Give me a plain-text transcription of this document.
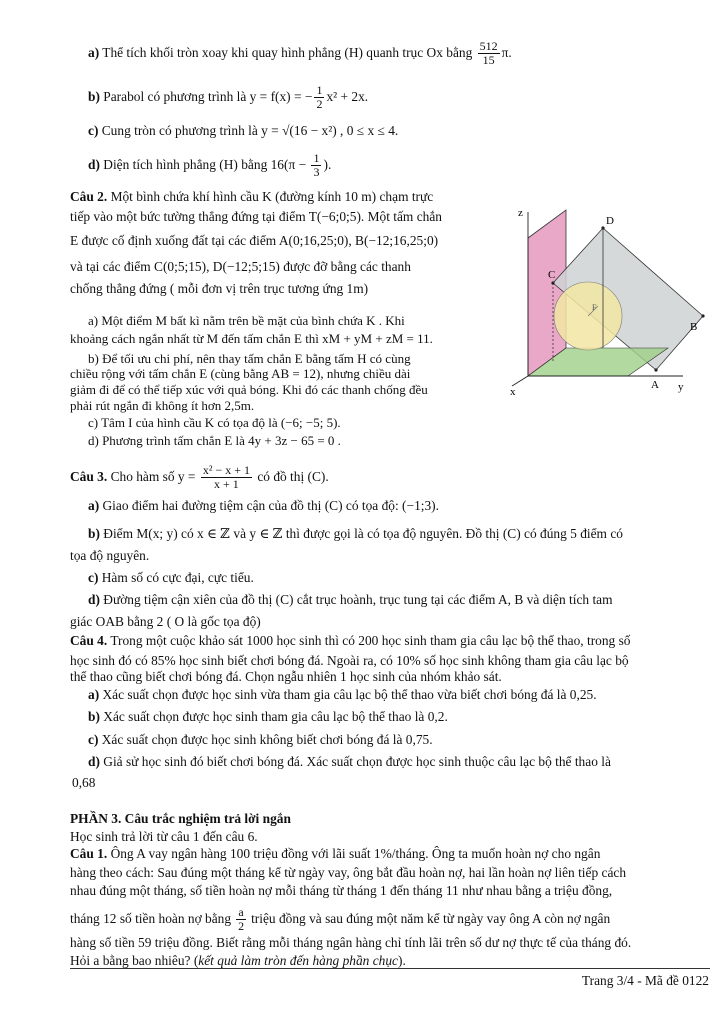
a) Thể tích khối tròn xoay khi quay hình phẳng (H) quanh trục Ox bằng $\frac{512}{15} \pi$.
b) Parabol có phương trình là y = f(x) = − $\frac{1}{2} x^2 + 2x$.
c) Cung tròn có phương trình là y = √(16 − x²) , 0 ≤ x ≤ 4.
d) Diện tích hình phẳng (H) bằng $16(\pi - \frac{1}{3}$ ).
Câu 2. Một bình chứa khí hình cầu K (đường kính 10 m) chạm trực
tiếp vào một bức tường thẳng đứng tại điểm T(−6;0;5). Một tấm chắn
E được cố định xuống đất tại các điểm A(0;16,25;0), B(−12;16,25;0)
và tại các điểm C(0;5;15), D(−12;5;15) được đỡ bằng các thanh
chống thẳng đứng ( mỗi đơn vị trên trục tương ứng 1m)
a) Một điểm M bất kì nằm trên bề mặt của bình chứa K . Khi
khoảng cách ngắn nhất từ M đến tấm chắn E thì xM + yM + zM = 11.
b) Để tối ưu chi phí, nên thay tấm chắn E bằng tấm H có cùng
chiều rộng với tấm chắn E (cùng bằng AB = 12), nhưng chiều dài
giảm đi để có thể tiếp xúc với quả bóng. Khi đó các thanh chống đều
phải rút ngắn đi không ít hơn 2,5m.
c) Tâm I của hình cầu K có tọa độ là (−6; −5; 5).
d) Phương trình tấm chắn E là 4y + 3z − 65 = 0 .
z
x	y
A
B
C
D
F
Câu 3. Cho hàm số $y = \frac{\text{x² − x + 1}}{x + 1}$ có đồ thị (C).
a) Giao điểm hai đường tiệm cận của đồ thị (C) có tọa độ: (−1;3).
b) Điểm M(x; y) có x ∈ ℤ và y ∈ ℤ thì được gọi là có tọa độ nguyên. Đồ thị (C) có đúng 5 điểm có
tọa độ nguyên.
c) Hàm số có cực đại, cực tiểu.
d) Đường tiệm cận xiên của đồ thị (C) cắt trục hoành, trục tung tại các điểm A, B và diện tích tam
giác OAB bằng 2 ( O là gốc tọa độ)
Câu 4. Trong một cuộc khảo sát 1000 học sinh thì có 200 học sinh tham gia câu lạc bộ thể thao, trong số
học sinh đó có 85% học sinh biết chơi bóng đá. Ngoài ra, có 10% số học sinh không tham gia câu lạc bộ
thể thao cũng biết chơi bóng đá. Chọn ngẫu nhiên 1 học sinh của nhóm khảo sát.
a) Xác suất chọn được học sinh vừa tham gia câu lạc bộ thể thao vừa biết chơi bóng đá là 0,25.
b) Xác suất chọn được học sinh tham gia câu lạc bộ thể thao là 0,2.
c) Xác suất chọn được học sinh không biết chơi bóng đá là 0,75.
d) Giả sử học sinh đó biết chơi bóng đá. Xác suất chọn được học sinh thuộc câu lạc bộ thể thao là
0,68
PHẦN 3. Câu trắc nghiệm trả lời ngắn
Học sinh trả lời từ câu 1 đến câu 6.
Câu 1. Ông A vay ngân hàng 100 triệu đồng với lãi suất 1%/tháng. Ông ta muốn hoàn nợ cho ngân
hàng theo cách: Sau đúng một tháng kể từ ngày vay, ông bắt đầu hoàn nợ, hai lần hoàn nợ liên tiếp cách
nhau đúng một tháng, số tiền hoàn nợ mỗi tháng từ tháng 1 đến tháng 11 như nhau bằng a triệu đồng,
tháng 12 số tiền hoàn nợ bằng $\frac{a}{2}$ triệu đồng và sau đúng một năm kể từ ngày vay ông A còn nợ ngân
hàng số tiền 59 triệu đồng. Biết rằng mỗi tháng ngân hàng chỉ tính lãi trên số dư nợ thực tế của tháng đó.
Hỏi a bằng bao nhiêu? (kết quả làm tròn đến hàng phần chục).
Trang 3/4 - Mã đề 0122
